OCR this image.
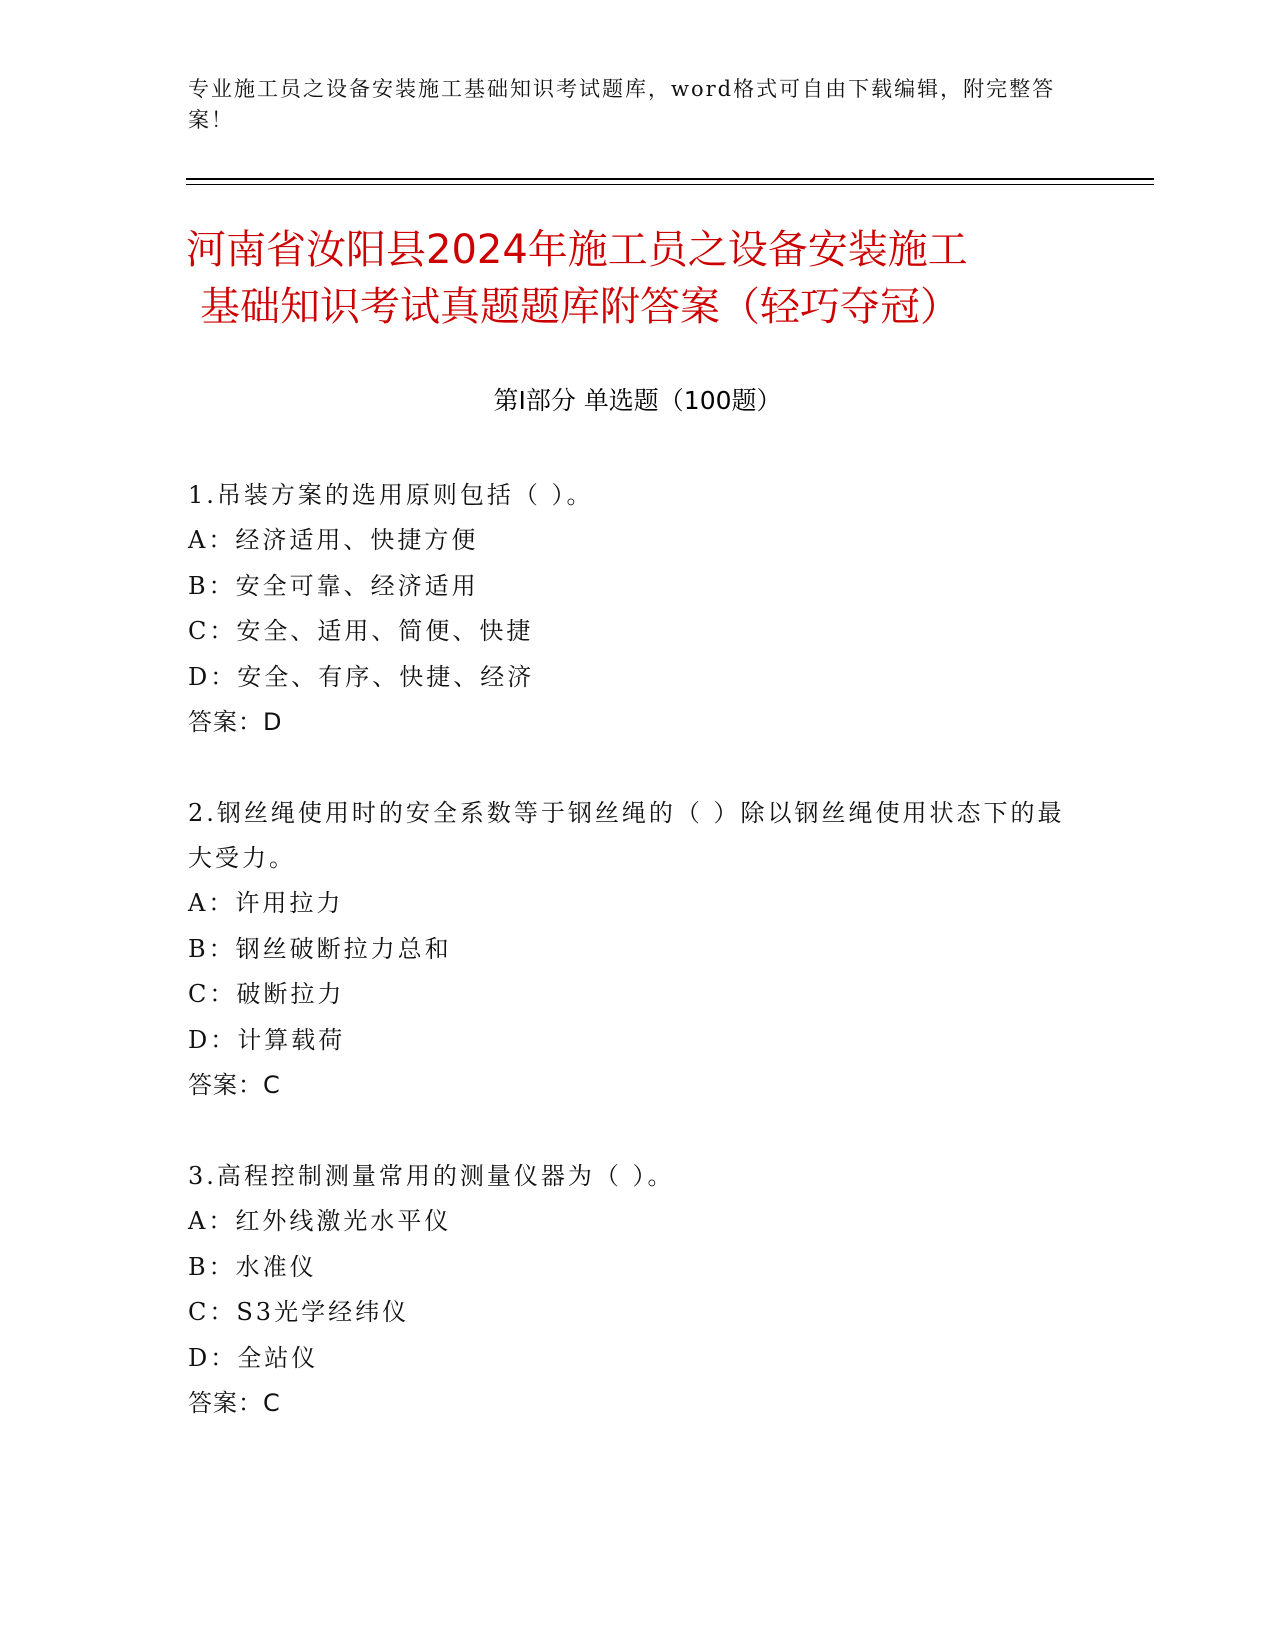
专业施工员之设备安装施工基础知识考试题库，word格式可自由下载编辑，附完整答案！
河南省汝阳县2024年施工员之设备安装施工
基础知识考试真题题库附答案（轻巧夺冠）
第Ⅰ部分 单选题（100题）
1.吊装方案的选用原则包括（ ）。
A：经济适用、快捷方便
B：安全可靠、经济适用
C：安全、适用、简便、快捷
D：安全、有序、快捷、经济
答案：D
2.钢丝绳使用时的安全系数等于钢丝绳的（ ）除以钢丝绳使用状态下的最大受力。
A：许用拉力
B：钢丝破断拉力总和
C：破断拉力
D：计算载荷
答案：C
3.高程控制测量常用的测量仪器为（ ）。
A：红外线激光水平仪
B：水准仪
C：S3光学经纬仪
D：全站仪
答案：C
